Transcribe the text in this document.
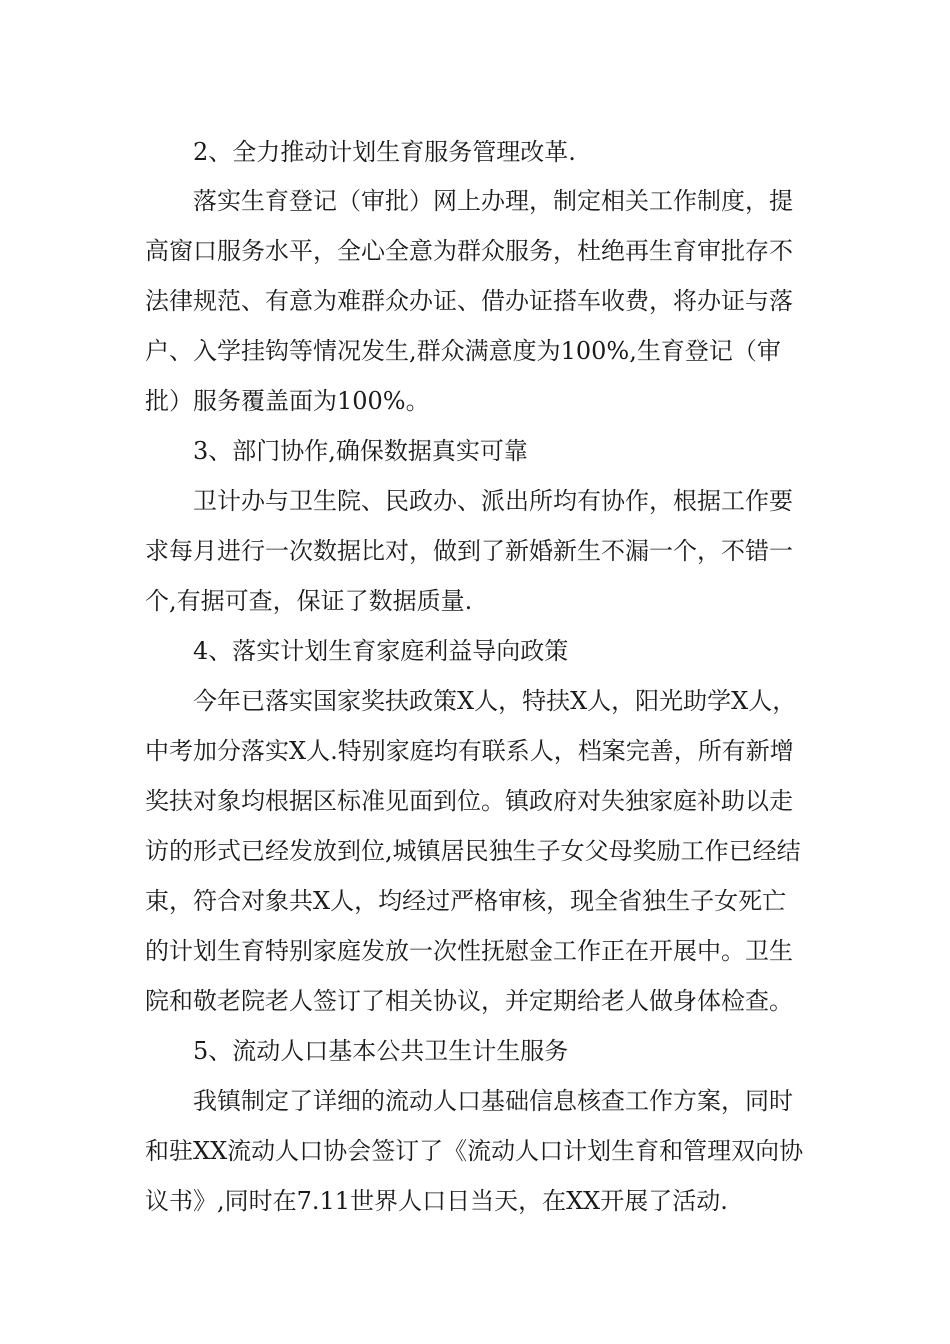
2、全力推动计划生育服务管理改革.
落实生育登记（审批）网上办理，制定相关工作制度，提
高窗口服务水平，全心全意为群众服务，杜绝再生育审批存不
法律规范、有意为难群众办证、借办证搭车收费，将办证与落
户、入学挂钩等情况发生,群众满意度为100%,生育登记（审
批）服务覆盖面为100%。
3、部门协作,确保数据真实可靠
卫计办与卫生院、民政办、派出所均有协作，根据工作要
求每月进行一次数据比对，做到了新婚新生不漏一个，不错一
个,有据可查，保证了数据质量.
4、落实计划生育家庭利益导向政策
今年已落实国家奖扶政策X人，特扶X人，阳光助学X人，
中考加分落实X人.特别家庭均有联系人，档案完善，所有新增
奖扶对象均根据区标准见面到位。镇政府对失独家庭补助以走
访的形式已经发放到位,城镇居民独生子女父母奖励工作已经结
束，符合对象共X人，均经过严格审核，现全省独生子女死亡
的计划生育特别家庭发放一次性抚慰金工作正在开展中。卫生
院和敬老院老人签订了相关协议，并定期给老人做身体检查。
5、流动人口基本公共卫生计生服务
我镇制定了详细的流动人口基础信息核查工作方案，同时
和驻XX流动人口协会签订了《流动人口计划生育和管理双向协
议书》,同时在7.11世界人口日当天，在XX开展了活动.
